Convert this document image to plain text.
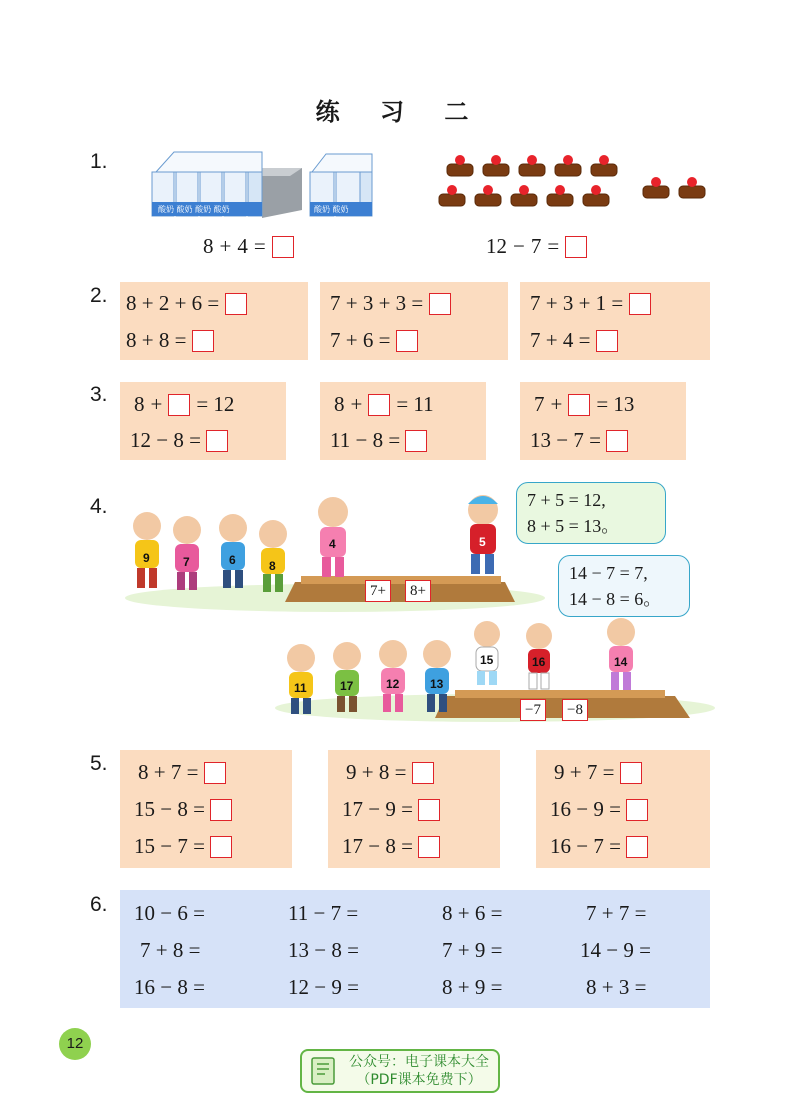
练 习 二
1.
酸奶 酸奶 酸奶 酸奶	酸奶 酸奶
8 + 4 =	12 − 7 =
2. 8 + 2 + 6 =

8 + 8 =

7 + 3 + 3 =

7 + 6 =

7 + 3 + 1 =

7 + 4 =

3. 8 + = 12
12 − 8 =

8 + = 11
11 − 8 =

7 + = 13
13 − 7 =

4.
9	7	6	8
4	5
11	17	12	13
15	16	14
7+	8+
−7	−8
7 + 5 = 12,
8 + 5 = 13。
14 − 7 = 7,
14 − 8 = 6。
5. 8 + 7 =

15 − 8 =

15 − 7 =

9 + 8 =

17 − 9 =

17 − 8 =

9 + 7 =

16 − 9 =

16 − 7 =

6. 10 − 6 =	11 − 7 =	8 + 6 =	7 + 7 =
7 + 8 =	13 − 8 =	7 + 9 =	14 − 9 =
16 − 8 =	12 − 9 =	8 + 9 =	8 + 3 =
12
公众号：电子课本大全
（PDF课本免费下）
